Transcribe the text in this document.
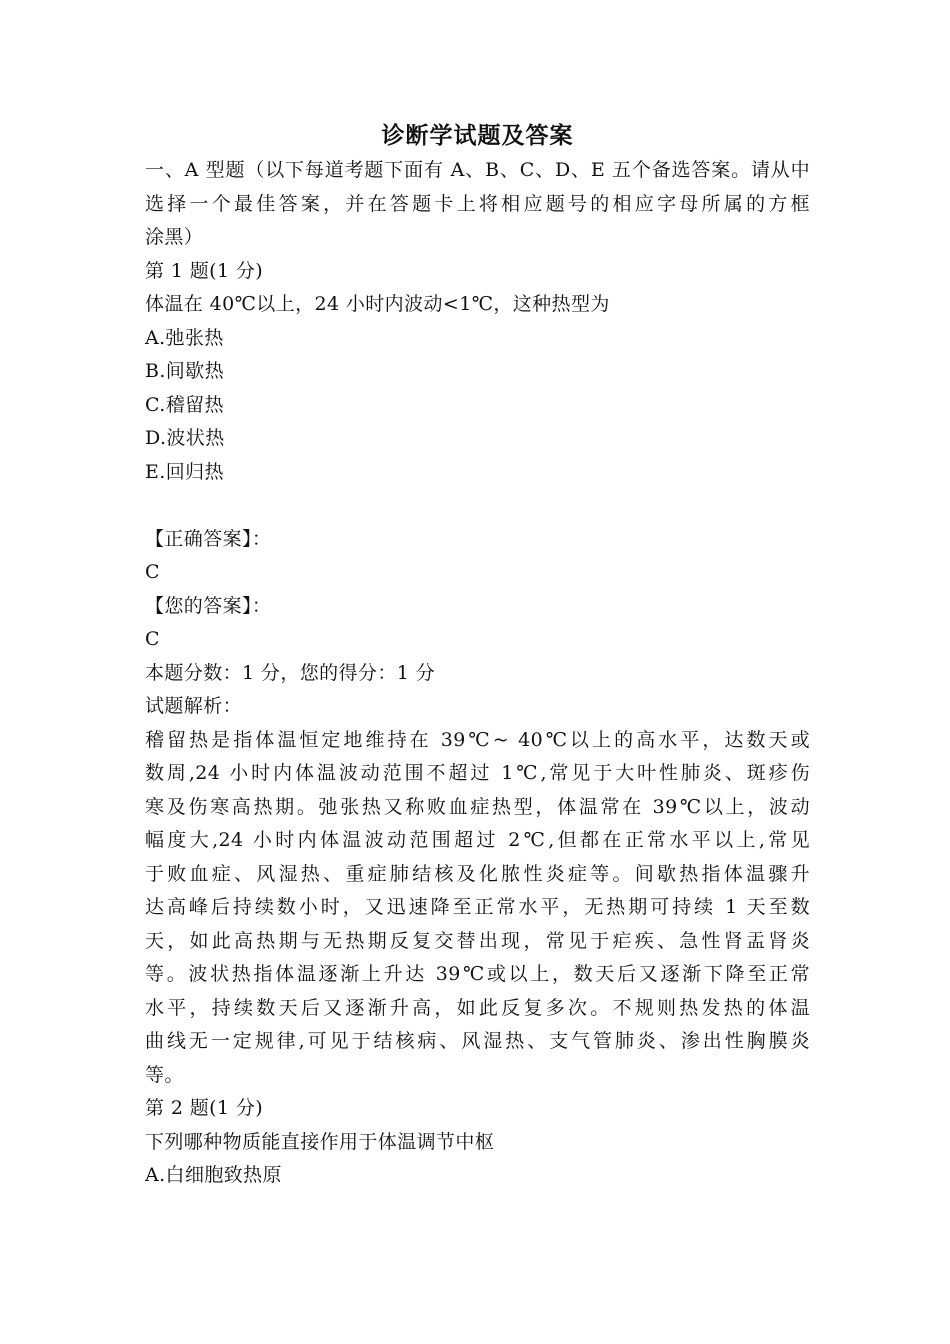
诊断学试题及答案
一、A 型题（以下每道考题下面有 A、B、C、D、E 五个备选答案。请从中
选择一个最佳答案，并在答题卡上将相应题号的相应字母所属的方框
涂黑）
第 1 题(1 分)
体温在 40℃以上，24 小时内波动<1℃，这种热型为
A.弛张热
B.间歇热
C.稽留热
D.波状热
E.回归热
【正确答案】：
C
【您的答案】：
C
本题分数：1 分，您的得分：1 分
试题解析：
稽留热是指体温恒定地维持在 39℃~ 40℃以上的高水平，达数天或
数周,24 小时内体温波动范围不超过 1℃,常见于大叶性肺炎、斑疹伤
寒及伤寒高热期。弛张热又称败血症热型，体温常在 39℃以上，波动
幅度大,24 小时内体温波动范围超过 2℃,但都在正常水平以上,常见
于败血症、风湿热、重症肺结核及化脓性炎症等。间歇热指体温骤升
达高峰后持续数小时，又迅速降至正常水平，无热期可持续 1 天至数
天，如此高热期与无热期反复交替出现，常见于疟疾、急性肾盂肾炎
等。波状热指体温逐渐上升达 39℃或以上，数天后又逐渐下降至正常
水平，持续数天后又逐渐升高，如此反复多次。不规则热发热的体温
曲线无一定规律,可见于结核病、风湿热、支气管肺炎、渗出性胸膜炎
等。
第 2 题(1 分)
下列哪种物质能直接作用于体温调节中枢
A.白细胞致热原
